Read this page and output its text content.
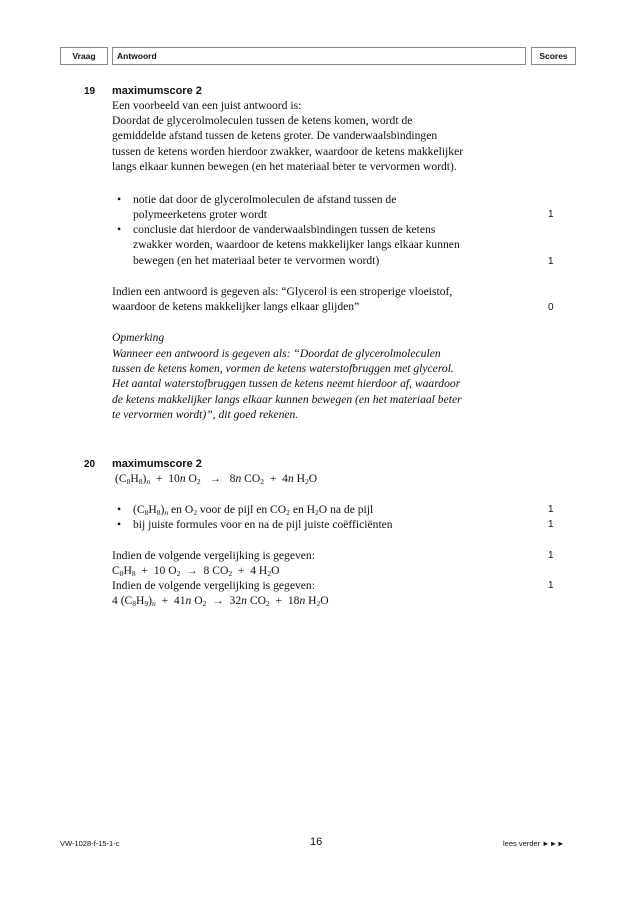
Vraag	Antwoord	Scores
19 maximumscore 2
Een voorbeeld van een juist antwoord is:
Doordat de glycerolmoleculen tussen de ketens komen, wordt de
gemiddelde afstand tussen de ketens groter. De vanderwaalsbindingen
tussen de ketens worden hierdoor zwakker, waardoor de ketens makkelijker
langs elkaar kunnen bewegen (en het materiaal beter te vervormen wordt).
• notie dat door de glycerolmoleculen de afstand tussen de
polymeerketens groter wordt	1
• conclusie dat hierdoor de vanderwaalsbindingen tussen de ketens
zwakker worden, waardoor de ketens makkelijker langs elkaar kunnen
bewegen (en het materiaal beter te vervormen wordt)	1
Indien een antwoord is gegeven als: “Glycerol is een stroperige vloeistof,
waardoor de ketens makkelijker langs elkaar glijden”	0
Opmerking
Wanneer een antwoord is gegeven als: “Doordat de glycerolmoleculen
tussen de ketens komen, vormen de ketens waterstofbruggen met glycerol.
Het aantal waterstofbruggen tussen de ketens neemt hierdoor af, waardoor
de ketens makkelijker langs elkaar kunnen bewegen (en het materiaal beter
te vervormen wordt)”, dit goed rekenen.
20 maximumscore 2
$(C_8H_8)_n + 10n$ $O_2 \to 8n$ $CO_2 + 4n$ $H_2O$
• $(C_8H_8)_n$ en $O_2$ voor de pijl en $CO_2$ en $H_2O$ na de pijl	1
• bij juiste formules voor en na de pijl juiste coëfficiënten	1
Indien de volgende vergelijking is gegeven:	1
$C_8H_8 + 10$ $O_2 \to 8$ $CO_2 + 4$ $H_2O$
Indien de volgende vergelijking is gegeven:	1
4 $(C_8H_9)_n + 41n$ $O_2 \to 32n$ $CO_2 + 18n$ $H_2O$
VW-1028-f-15-1-c	16	lees verder ►►►
